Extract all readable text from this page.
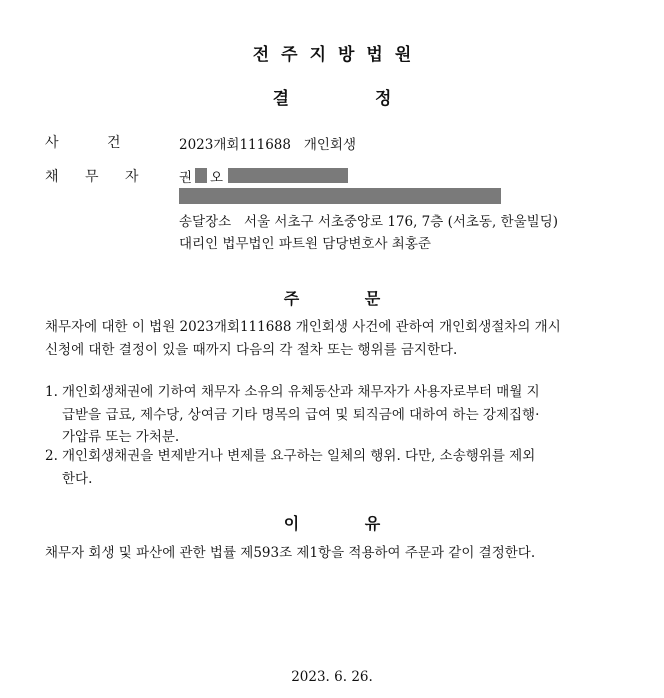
전주지방법원
결 정
사 건	2023개회111688   개인회생
채 무 자	권 오
송달장소   서울 서초구 서초중앙로 176, 7층 (서초동, 한울빌딩)
대리인 법무법인 파트원 담당변호사 최홍준
주 문
채무자에 대한 이 법원 2023개회111688 개인회생 사건에 관하여 개인회생절차의 개시
신청에 대한 결정이 있을 때까지 다음의 각 절차 또는 행위를 금지한다.
1. 개인회생채권에 기하여 채무자 소유의 유체동산과 채무자가 사용자로부터 매월 지
급받을 급료, 제수당, 상여금 기타 명목의 급여 및 퇴직금에 대하여 하는 강제집행·
가압류 또는 가처분.
2. 개인회생채권을 변제받거나 변제를 요구하는 일체의 행위. 다만, 소송행위를 제외
한다.
이 유
채무자 회생 및 파산에 관한 법률 제593조 제1항을 적용하여 주문과 같이 결정한다.
2023. 6. 26.
